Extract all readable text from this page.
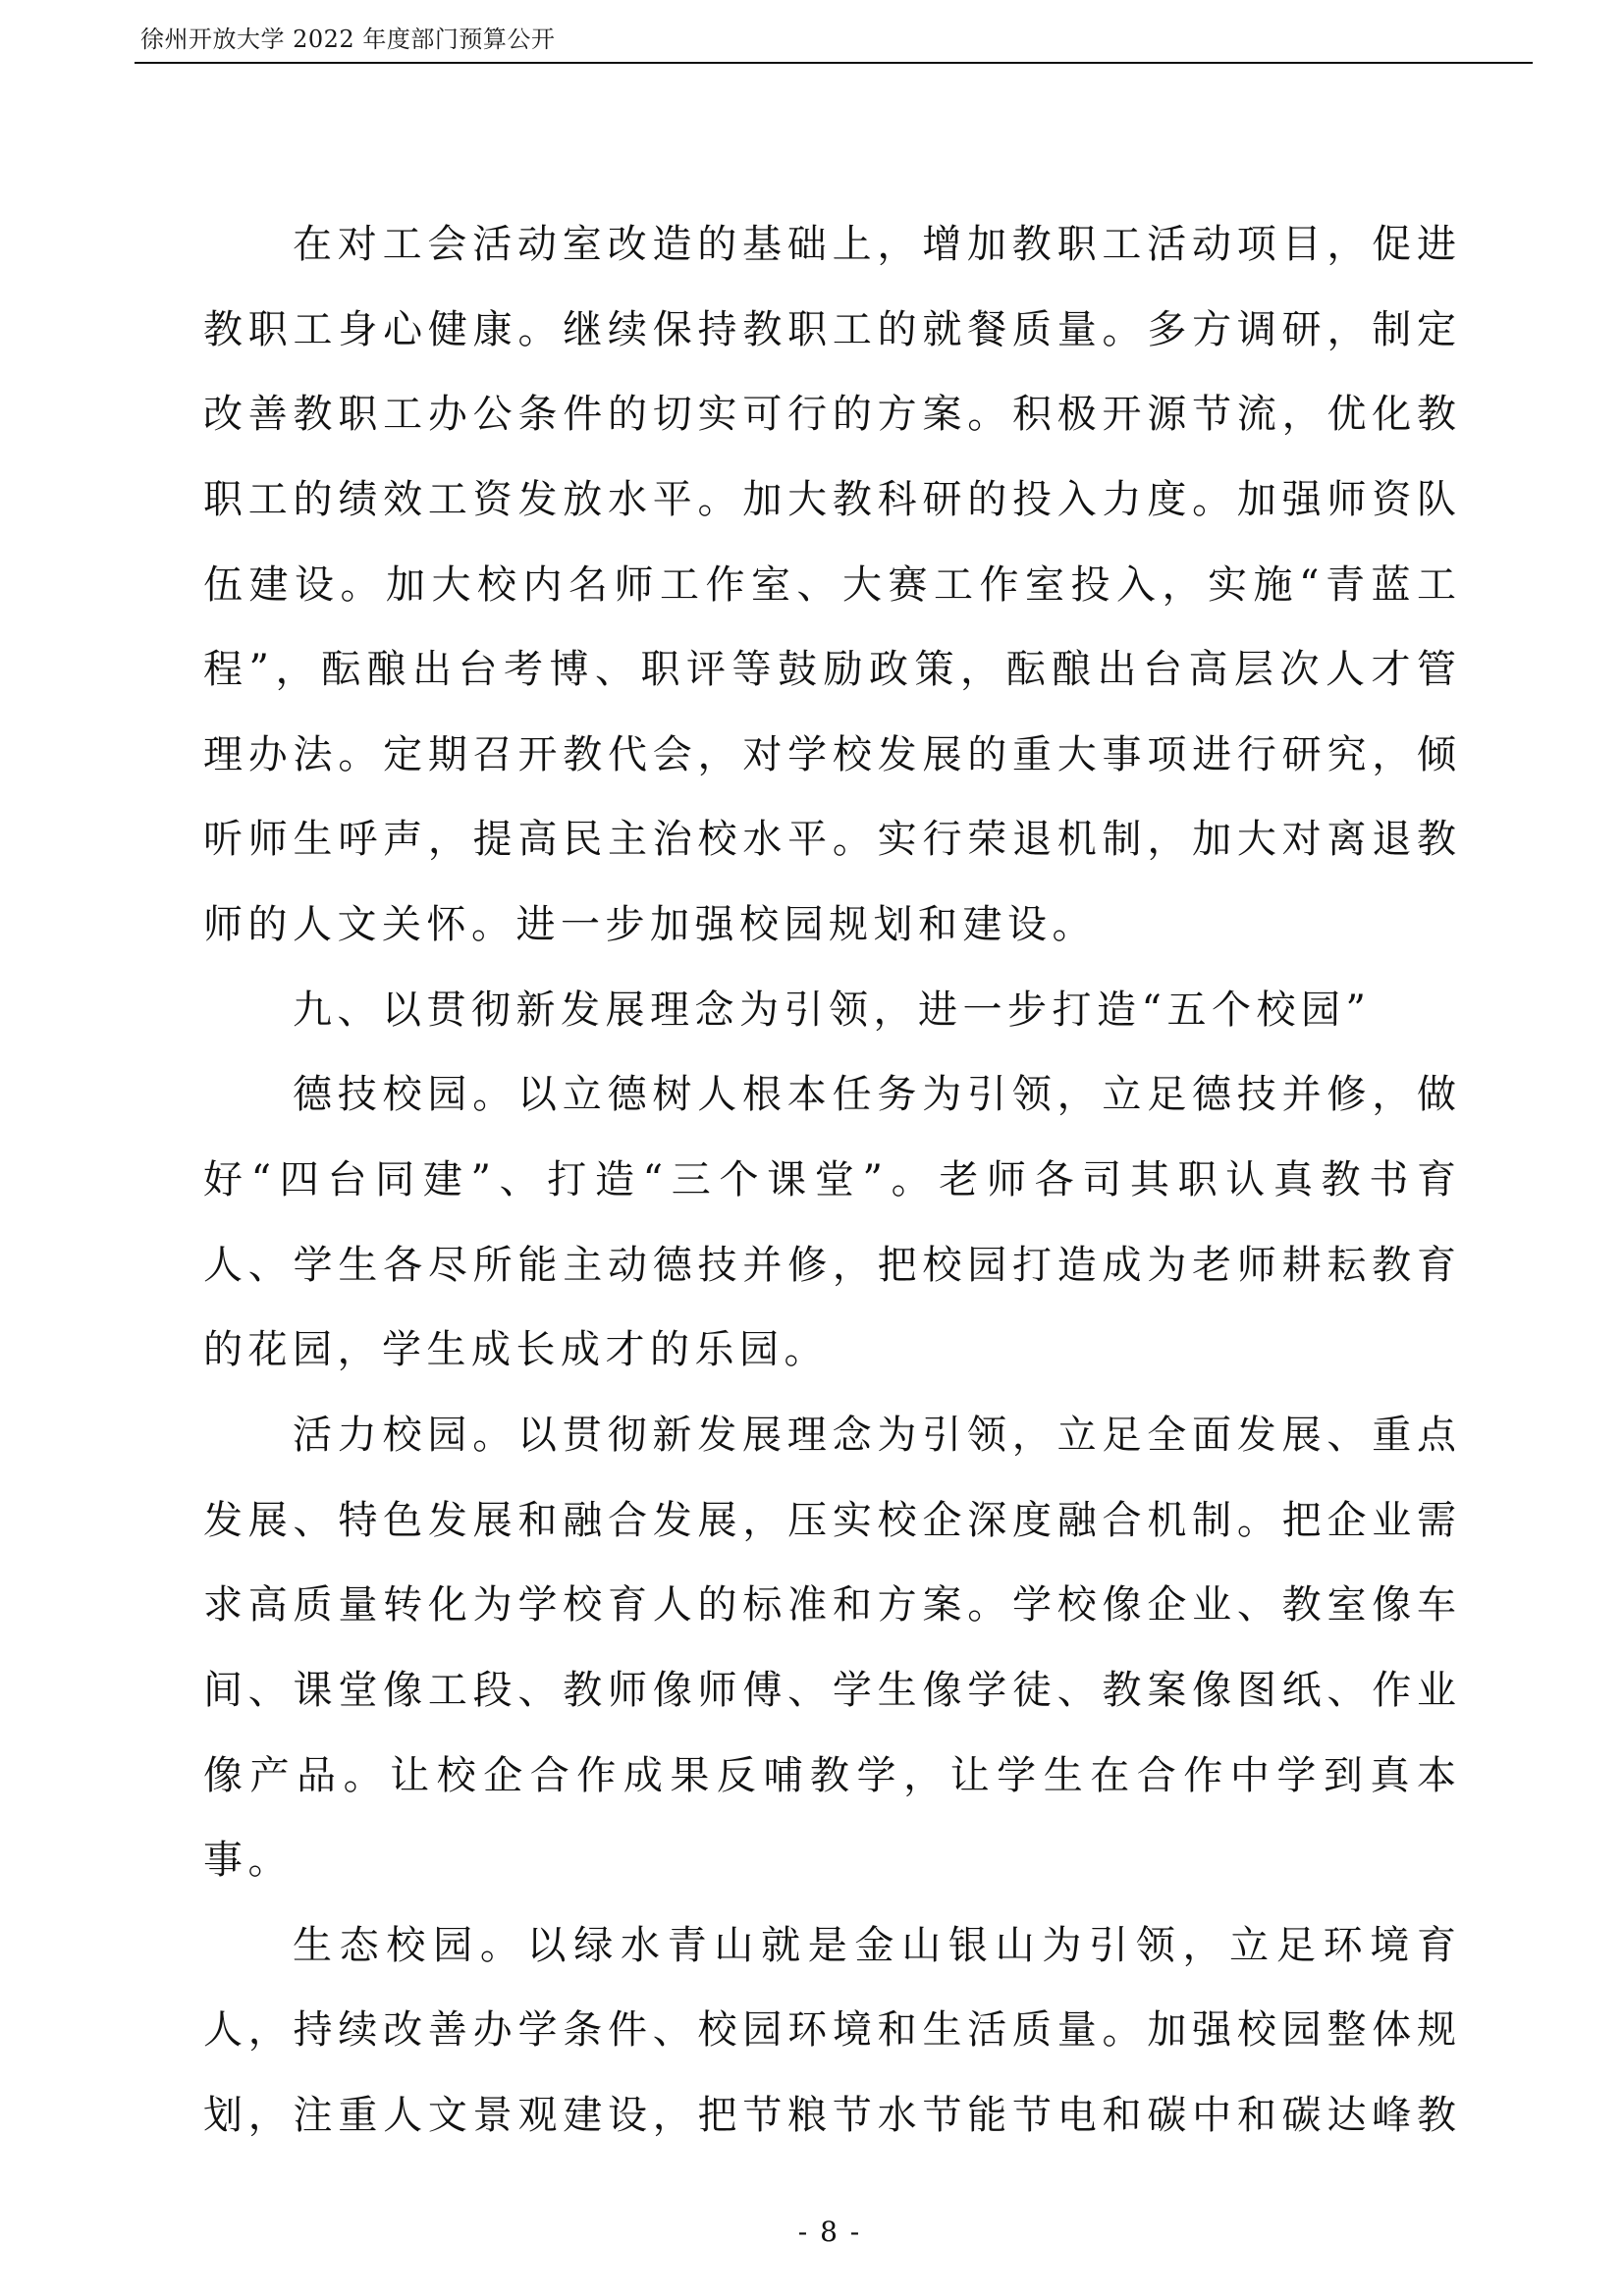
徐州开放大学 2022 年度部门预算公开
在对工会活动室改造的基础上，增加教职工活动项目，促进
教职工身心健康。继续保持教职工的就餐质量。多方调研，制定
改善教职工办公条件的切实可行的方案。积极开源节流，优化教
职工的绩效工资发放水平。加大教科研的投入力度。加强师资队
伍建设。加大校内名师工作室、大赛工作室投入，实施“青蓝工
程”，酝酿出台考博、职评等鼓励政策，酝酿出台高层次人才管
理办法。定期召开教代会，对学校发展的重大事项进行研究，倾
听师生呼声，提高民主治校水平。实行荣退机制，加大对离退教
师的人文关怀。进一步加强校园规划和建设。
九、以贯彻新发展理念为引领，进一步打造“五个校园”
德技校园。以立德树人根本任务为引领，立足德技并修，做
好“四台同建”、打造“三个课堂”。老师各司其职认真教书育
人、学生各尽所能主动德技并修，把校园打造成为老师耕耘教育
的花园，学生成长成才的乐园。
活力校园。以贯彻新发展理念为引领，立足全面发展、重点
发展、特色发展和融合发展，压实校企深度融合机制。把企业需
求高质量转化为学校育人的标准和方案。学校像企业、教室像车
间、课堂像工段、教师像师傅、学生像学徒、教案像图纸、作业
像产品。让校企合作成果反哺教学，让学生在合作中学到真本
事。
生态校园。以绿水青山就是金山银山为引领，立足环境育
人，持续改善办学条件、校园环境和生活质量。加强校园整体规
划，注重人文景观建设，把节粮节水节能节电和碳中和碳达峰教
- 8 -
